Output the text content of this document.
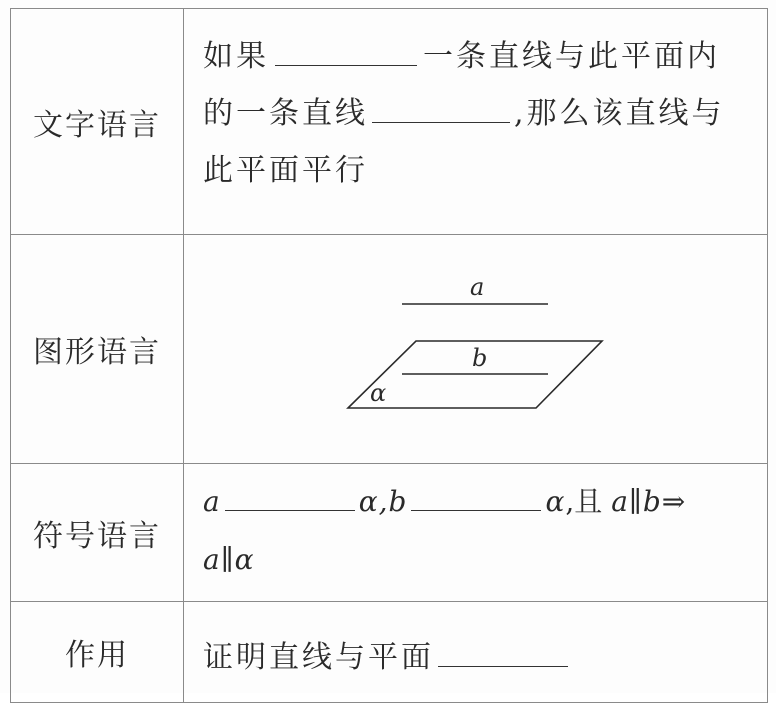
文字语言	如果 一条直线与此平面内
的一条直线 ,那么该直线与
此平面平行

图形语言	a
b
α

符号语言	a α,b α,且 a∥b⇒
a∥α

作用	证明直线与平面
